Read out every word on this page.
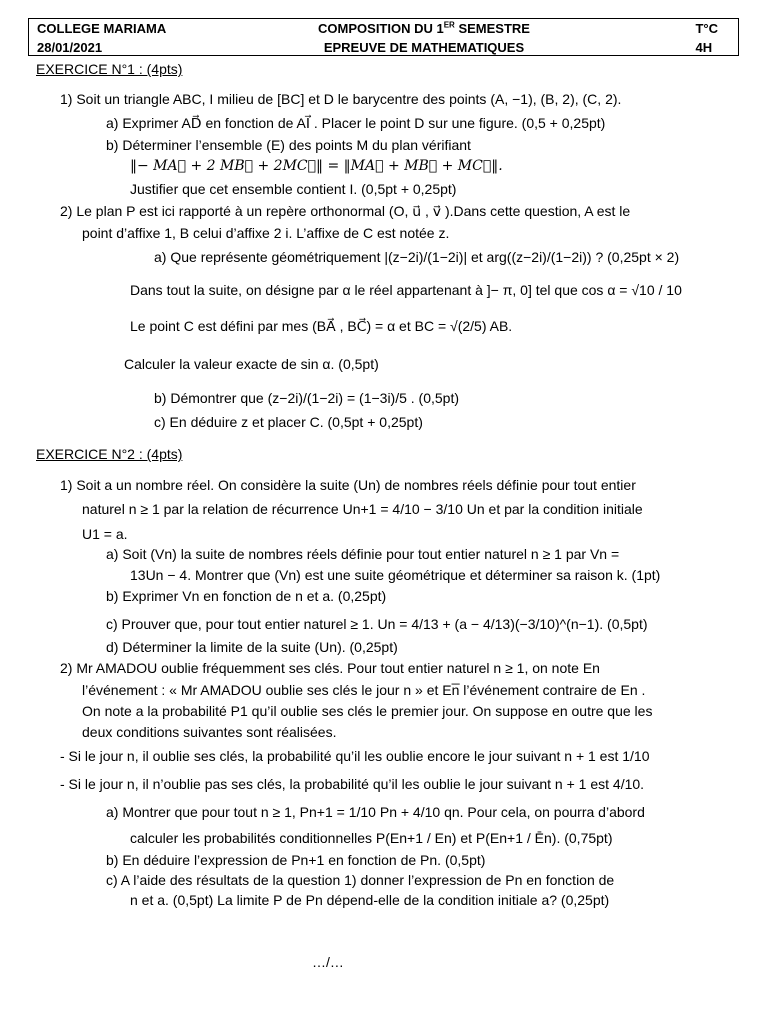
COLLEGE MARIAMA
28/01/2021
COMPOSITION DU 1ER SEMESTRE
EPREUVE DE MATHEMATIQUES
T°C
4H
EXERCICE N°1 : (4pts)
1) Soit un triangle ABC, I milieu de [BC] et D le barycentre des points (A, −1), (B, 2), (C, 2).
a) Exprimer AD⃗ en fonction de AI⃗ . Placer le point D sur une figure. (0,5 + 0,25pt)
b) Déterminer l’ensemble (E) des points M du plan vérifiant
‖− MA⃗ + 2 MB⃗ + 2MC⃗‖ = ‖MA⃗ + MB⃗ + MC⃗‖.
Justifier que cet ensemble contient I. (0,5pt + 0,25pt)
2) Le plan P est ici rapporté à un repère orthonormal (O, u⃗ , v⃗ ).Dans cette question, A est le
point d’affixe 1, B celui d’affixe 2 i. L’affixe de C est notée z.
a) Que représente géométriquement |(z−2i)/(1−2i)| et arg((z−2i)/(1−2i)) ? (0,25pt × 2)
Dans tout la suite, on désigne par α le réel appartenant à ]− π, 0] tel que cos α = √10 / 10
Le point C est défini par mes (BA⃗ , BC⃗) = α et BC = √(2/5) AB.
Calculer la valeur exacte de sin α. (0,5pt)
b) Démontrer que (z−2i)/(1−2i) = (1−3i)/5 . (0,5pt)
c) En déduire z et placer C. (0,5pt + 0,25pt)
EXERCICE N°2 : (4pts)
1) Soit a un nombre réel. On considère la suite (Un) de nombres réels définie pour tout entier
naturel n ≥ 1 par la relation de récurrence Un+1 = 4/10 − 3/10 Un et par la condition initiale
U1 = a.
a) Soit (Vn) la suite de nombres réels définie pour tout entier naturel n ≥ 1 par Vn =
13Un − 4. Montrer que (Vn) est une suite géométrique et déterminer sa raison k. (1pt)
b) Exprimer Vn en fonction de n et a. (0,25pt)
c) Prouver que, pour tout entier naturel ≥ 1. Un = 4/13 + (a − 4/13)(−3/10)^(n−1). (0,5pt)
d) Déterminer la limite de la suite (Un). (0,25pt)
2) Mr AMADOU oublie fréquemment ses clés. Pour tout entier naturel n ≥ 1, on note En
l’événement : « Mr AMADOU oublie ses clés le jour n » et En̅ l’événement contraire de En .
On note a la probabilité P1 qu’il oublie ses clés le premier jour. On suppose en outre que les
deux conditions suivantes sont réalisées.
- Si le jour n, il oublie ses clés, la probabilité qu’il les oublie encore le jour suivant n + 1 est 1/10
- Si le jour n, il n’oublie pas ses clés, la probabilité qu’il les oublie le jour suivant n + 1 est 4/10.
a) Montrer que pour tout n ≥ 1, Pn+1 = 1/10 Pn + 4/10 qn. Pour cela, on pourra d’abord
calculer les probabilités conditionnelles P(En+1 / En) et P(En+1 / Ēn). (0,75pt)
b) En déduire l’expression de Pn+1 en fonction de Pn. (0,5pt)
c) A l’aide des résultats de la question 1) donner l’expression de Pn en fonction de
n et a. (0,5pt) La limite P de Pn dépend-elle de la condition initiale a? (0,25pt)
…/…
